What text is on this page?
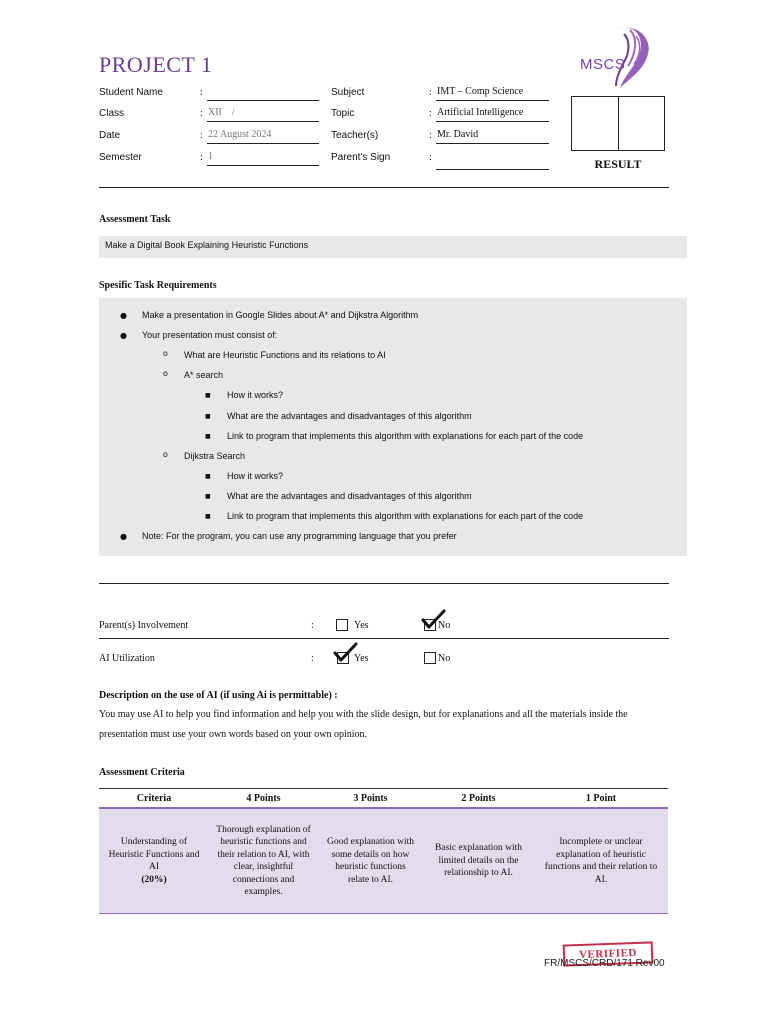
PROJECT 1	MSCS
Student Name	:
Class	: XII    /
Date	: 22 August 2024
Semester	: 1
Subject	: IMT – Comp Science
Topic	: Artificial Intelligence
Teacher(s)	: Mr. David
Parent's Sign	:	RESULT
Assessment Task
Make a Digital Book Explaining Heuristic Functions
Spesific Task Requirements
● Make a presentation in Google Slides about A* and Dijkstra Algorithm
● Your presentation must consist of:
o What are Heuristic Functions and its relations to AI
o A* search
■ How it works?
■ What are the advantages and disadvantages of this algorithm
■ Link to program that implements this algorithm with explanations for each part of the code
o Dijkstra Search
■ How it works?
■ What are the advantages and disadvantages of this algorithm
■ Link to program that implements this algorithm with explanations for each part of the code
● Note: For the program, you can use any programming language that you prefer
Parent(s) Involvement	:	Yes	No
AI Utilization	:	Yes	No
Description on the use of AI (if using Ai is permittable) :
You may use AI to help you find information and help you with the slide design, but for explanations and all the materials inside the presentation must use your own words based on your own opinion.
Assessment Criteria
Criteria	4 Points	3 Points	2 Points	1 Point
Understanding of Heuristic Functions and AI
(20%)	Thorough explanation of heuristic functions and their relation to AI, with clear, insightful connections and examples.	Good explanation with some details on how heuristic functions relate to AI.	Basic explanation with limited details on the relationship to AI.	Incomplete or unclear explanation of heuristic functions and their relation to AI.
VERIFIED
FR/MSCS/CRD/171 Rev00
